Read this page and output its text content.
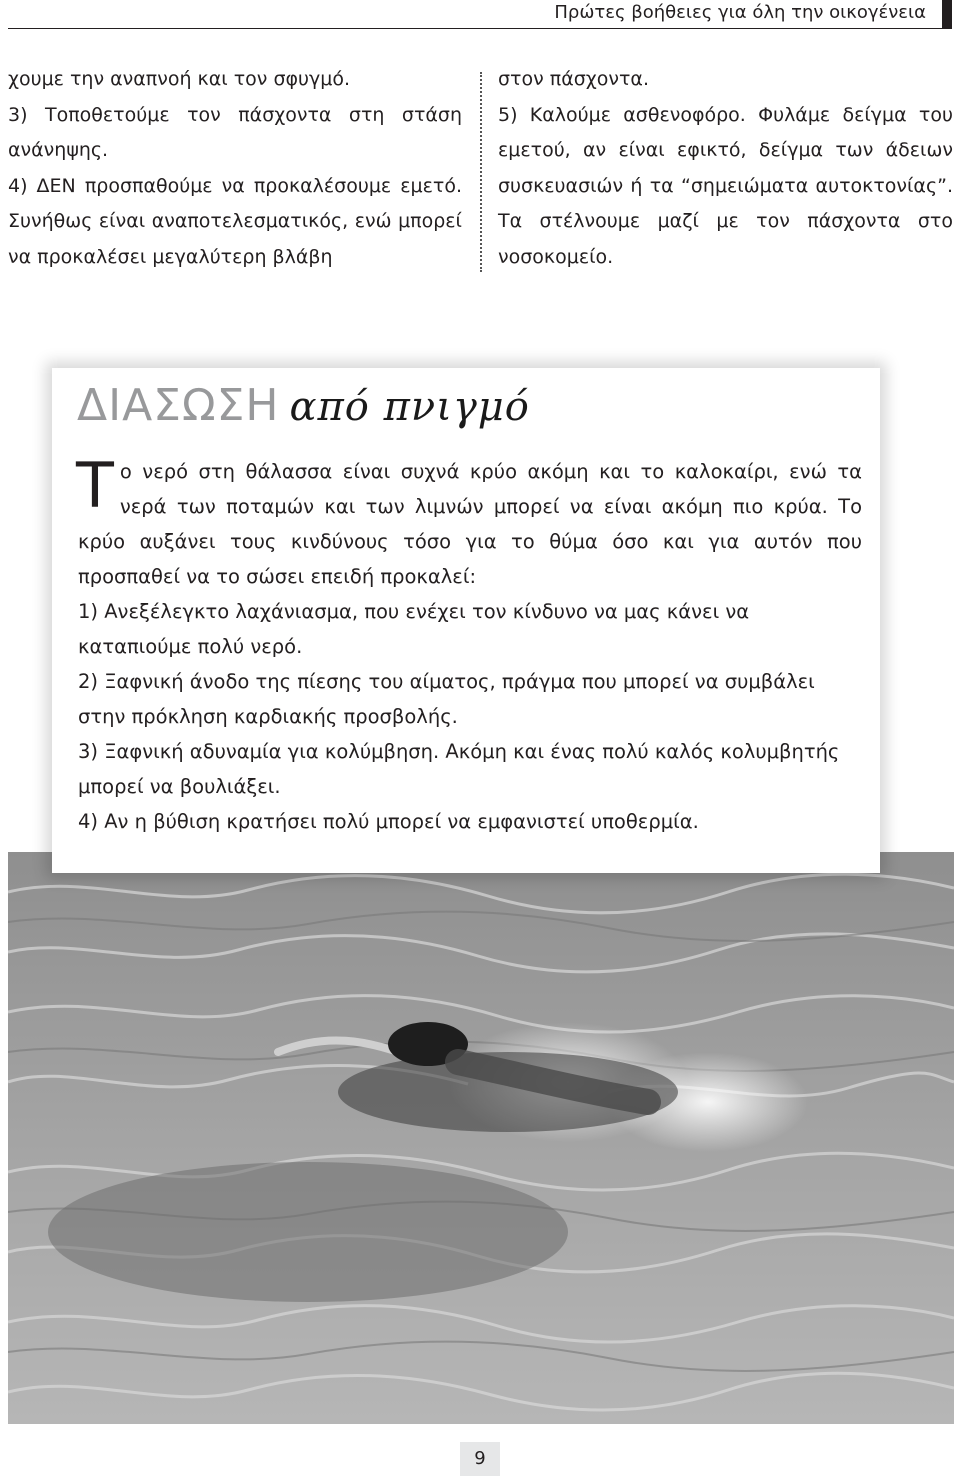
Πρώτες βοήθειες για όλη την οικογένεια

χουμε την αναπνοή και τον σφυγμό.

3) Τοποθετούμε τον πάσχοντα στη στάση ανάνηψης.

4) ΔΕΝ προσπαθούμε να προκαλέσουμε εμετό. Συνήθως είναι αναποτελεσματικός, ενώ μπορεί να προκαλέσει μεγαλύτερη βλάβη

στον πάσχοντα.

5) Καλούμε ασθενοφόρο. Φυλάμε δείγμα του εμετού, αν είναι εφικτό, δείγμα των άδειων συσκευασιών ή τα “σημειώματα αυτοκτονίας”. Τα στέλνουμε μαζί με τον πάσχοντα στο νοσοκομείο.

ΔΙΑΣΩΣΗ από πνιγμό

Το νερό στη θάλασσα είναι συχνά κρύο ακόμη και το καλοκαίρι, ενώ τα νερά των ποταμών και των λιμνών μπορεί να είναι ακόμη πιο κρύα. Το κρύο αυξάνει τους κινδύνους τόσο για το θύμα όσο και για αυτόν που προσπαθεί να το σώσει επειδή προκαλεί:

1) Ανεξέλεγκτο λαχάνιασμα, που ενέχει τον κίνδυνο να μας κάνει να καταπιούμε πολύ νερό.

2) Ξαφνική άνοδο της πίεσης του αίματος, πράγμα που μπορεί να συμβάλει στην πρόκληση καρδιακής προσβολής.

3) Ξαφνική αδυναμία για κολύμβηση. Ακόμη και ένας πολύ καλός κολυμβητής μπορεί να βουλιάξει.

4) Αν η βύθιση κρατήσει πολύ μπορεί να εμφανιστεί υποθερμία.

9
